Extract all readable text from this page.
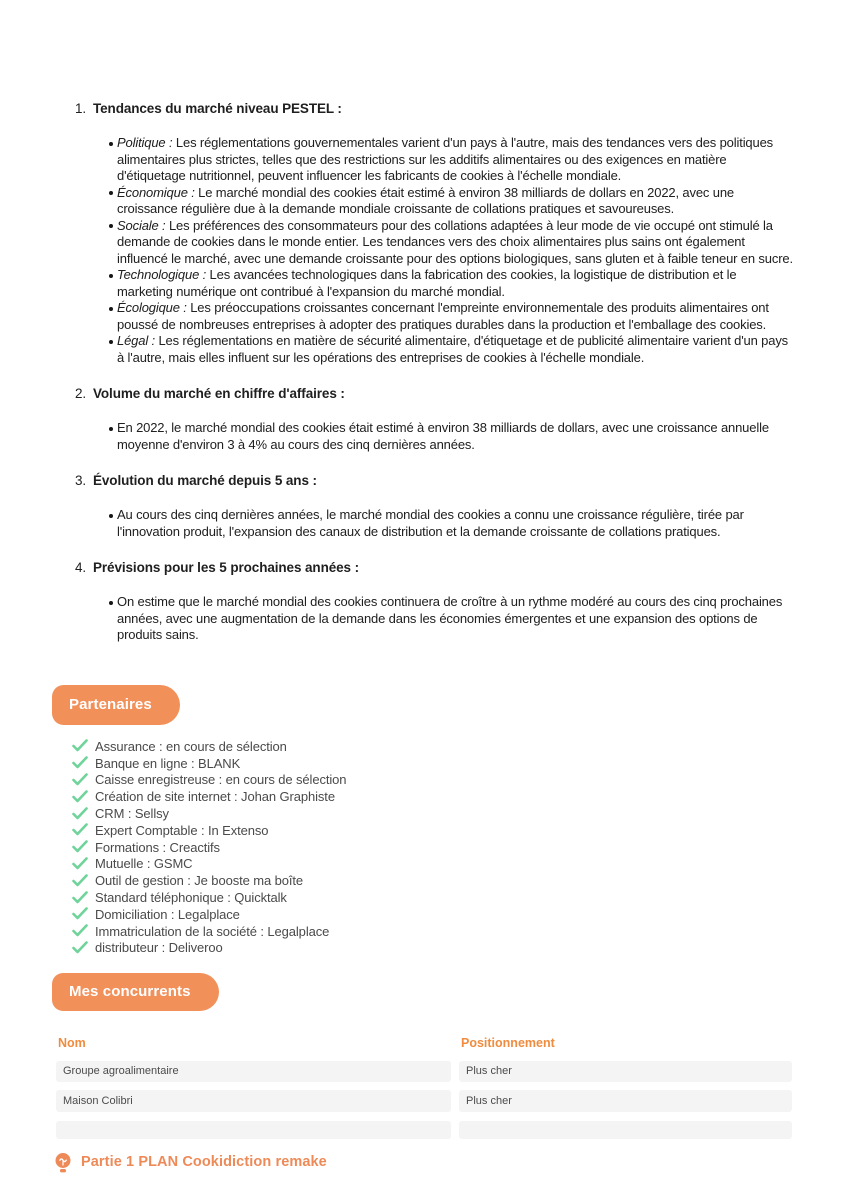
1. Tendances du marché niveau PESTEL :

Politique : Les réglementations gouvernementales varient d'un pays à l'autre, mais des tendances vers des politiques alimentaires plus strictes, telles que des restrictions sur les additifs alimentaires ou des exigences en matière d'étiquetage nutritionnel, peuvent influencer les fabricants de cookies à l'échelle mondiale.

Économique : Le marché mondial des cookies était estimé à environ 38 milliards de dollars en 2022, avec une croissance régulière due à la demande mondiale croissante de collations pratiques et savoureuses.

Sociale : Les préférences des consommateurs pour des collations adaptées à leur mode de vie occupé ont stimulé la demande de cookies dans le monde entier. Les tendances vers des choix alimentaires plus sains ont également influencé le marché, avec une demande croissante pour des options biologiques, sans gluten et à faible teneur en sucre.

Technologique : Les avancées technologiques dans la fabrication des cookies, la logistique de distribution et le marketing numérique ont contribué à l'expansion du marché mondial.

Écologique : Les préoccupations croissantes concernant l'empreinte environnementale des produits alimentaires ont poussé de nombreuses entreprises à adopter des pratiques durables dans la production et l'emballage des cookies.

Légal : Les réglementations en matière de sécurité alimentaire, d'étiquetage et de publicité alimentaire varient d'un pays à l'autre, mais elles influent sur les opérations des entreprises de cookies à l'échelle mondiale.

2. Volume du marché en chiffre d'affaires :

En 2022, le marché mondial des cookies était estimé à environ 38 milliards de dollars, avec une croissance annuelle moyenne d'environ 3 à 4% au cours des cinq dernières années.

3. Évolution du marché depuis 5 ans :

Au cours des cinq dernières années, le marché mondial des cookies a connu une croissance régulière, tirée par l'innovation produit, l'expansion des canaux de distribution et la demande croissante de collations pratiques.

4. Prévisions pour les 5 prochaines années :

On estime que le marché mondial des cookies continuera de croître à un rythme modéré au cours des cinq prochaines années, avec une augmentation de la demande dans les économies émergentes et une expansion des options de produits sains.

Partenaires
Assurance : en cours de sélection
Banque en ligne : BLANK
Caisse enregistreuse : en cours de sélection
Création de site internet : Johan Graphiste
CRM : Sellsy
Expert Comptable : In Extenso
Formations : Creactifs
Mutuelle : GSMC
Outil de gestion : Je booste ma boîte
Standard téléphonique : Quicktalk
Domiciliation : Legalplace
Immatriculation de la société : Legalplace
distributeur : Deliveroo
Mes concurrents
Nom	Positionnement
Groupe agroalimentaire	Plus cher
Maison Colibri	Plus cher
Partie 1 PLAN Cookidiction remake
